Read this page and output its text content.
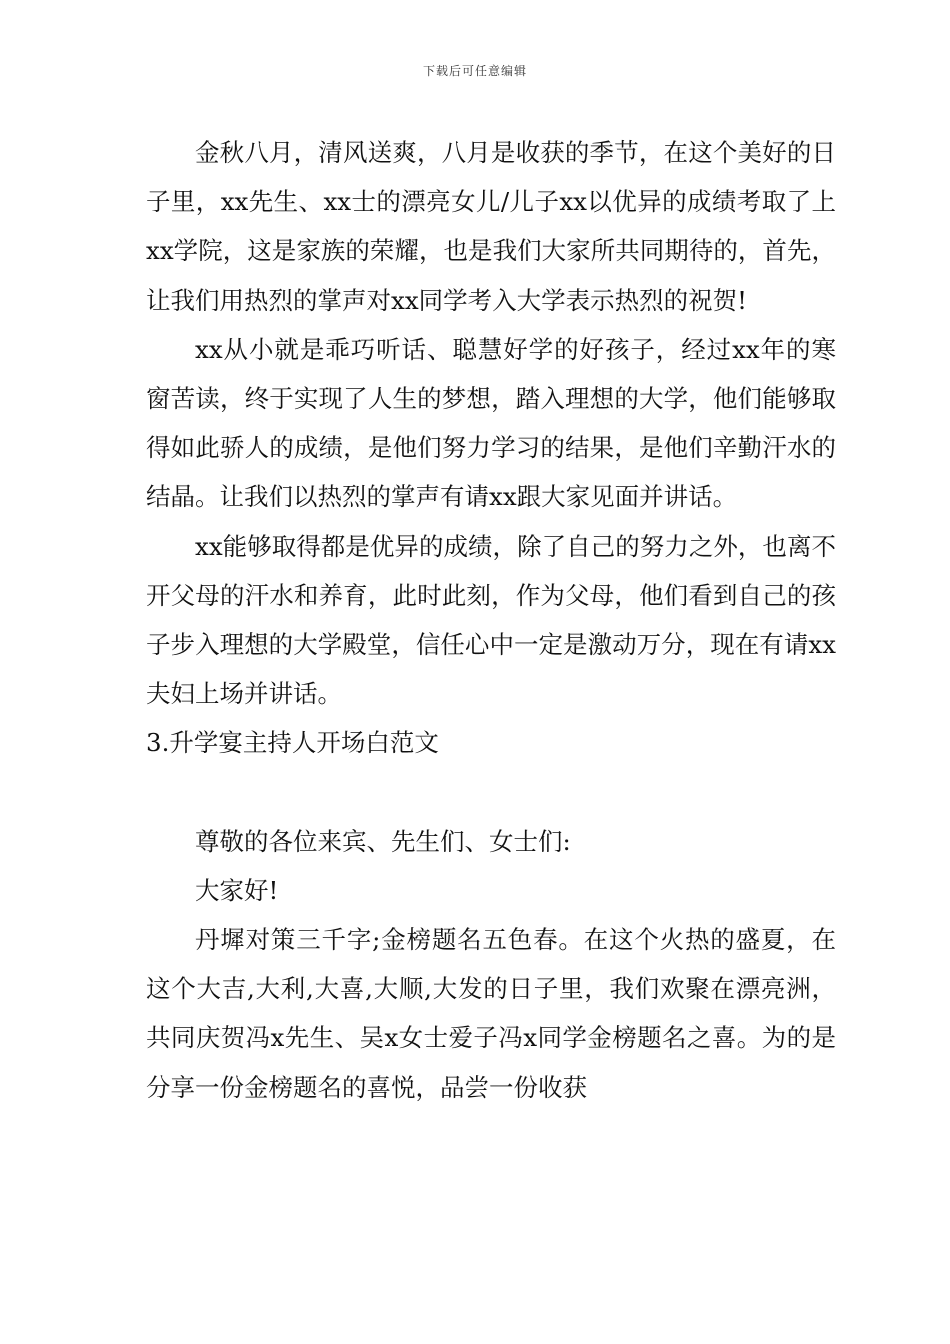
下载后可任意编辑

金秋八月，清风送爽，八月是收获的季节，在这个美好的日子里，xx先生、xx士的漂亮女儿/儿子xx以优异的成绩考取了上xx学院，这是家族的荣耀，也是我们大家所共同期待的，首先，让我们用热烈的掌声对xx同学考入大学表示热烈的祝贺!

xx从小就是乖巧听话、聪慧好学的好孩子，经过xx年的寒窗苦读，终于实现了人生的梦想，踏入理想的大学，他们能够取得如此骄人的成绩，是他们努力学习的结果，是他们辛勤汗水的结晶。让我们以热烈的掌声有请xx跟大家见面并讲话。

xx能够取得都是优异的成绩，除了自己的努力之外，也离不开父母的汗水和养育，此时此刻，作为父母，他们看到自己的孩子步入理想的大学殿堂，信任心中一定是激动万分，现在有请xx夫妇上场并讲话。

3.升学宴主持人开场白范文

尊敬的各位来宾、先生们、女士们:

大家好!

丹墀对策三千字;金榜题名五色春。在这个火热的盛夏，在这个大吉,大利,大喜,大顺,大发的日子里，我们欢聚在漂亮洲，共同庆贺冯x先生、吴x女士爱子冯x同学金榜题名之喜。为的是分享一份金榜题名的喜悦，品尝一份收获
